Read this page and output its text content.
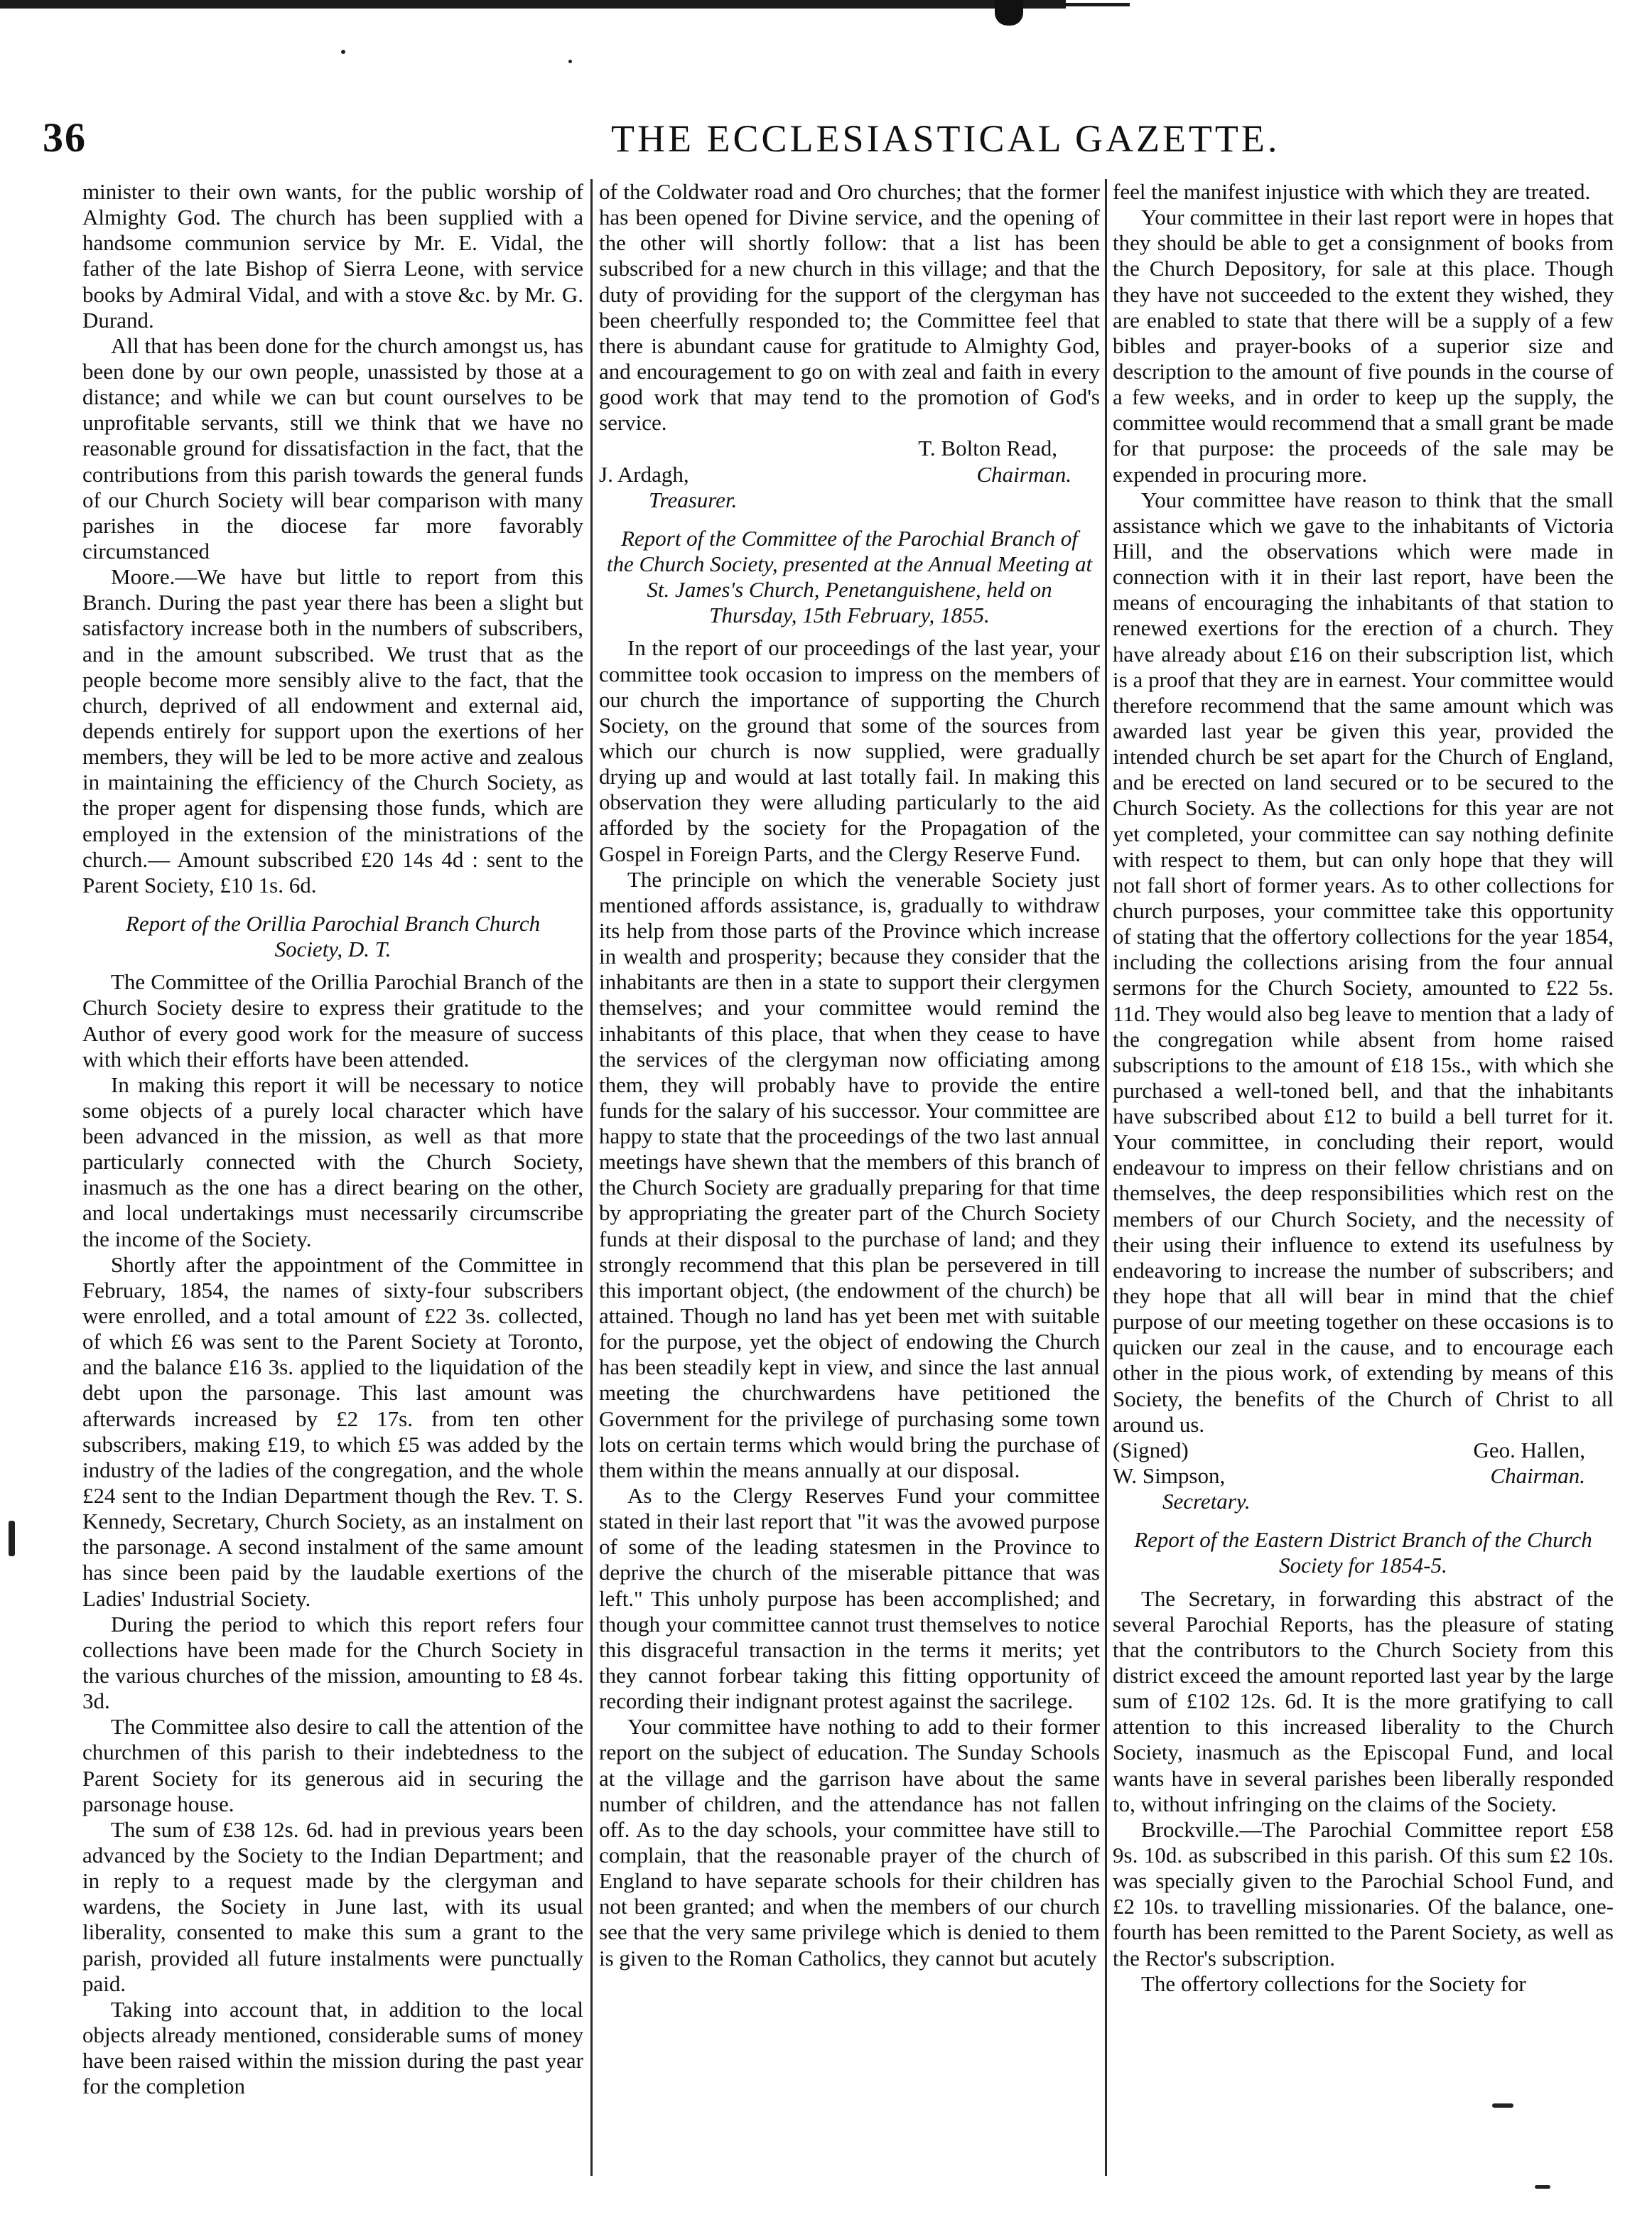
36	THE ECCLESIASTICAL GAZETTE.

minister to their own wants, for the public worship of Almighty God. The church has been supplied with a handsome communion service by Mr. E. Vidal, the father of the late Bishop of Sierra Leone, with service books by Admiral Vidal, and with a stove &c. by Mr. G. Durand.

All that has been done for the church amongst us, has been done by our own people, unassisted by those at a distance; and while we can but count ourselves to be unprofitable servants, still we think that we have no reasonable ground for dissatisfaction in the fact, that the contributions from this parish towards the general funds of our Church Society will bear comparison with many parishes in the diocese far more favorably circumstanced

Moore.—We have but little to report from this Branch. During the past year there has been a slight but satisfactory increase both in the numbers of subscribers, and in the amount subscribed. We trust that as the people become more sensibly alive to the fact, that the church, deprived of all endowment and external aid, depends entirely for support upon the exertions of her members, they will be led to be more active and zealous in maintaining the efficiency of the Church Society, as the proper agent for dispensing those funds, which are employed in the extension of the ministrations of the church.— Amount subscribed £20 14s 4d : sent to the Parent Society, £10 1s. 6d.

Report of the Orillia Parochial Branch Church Society, D. T.

The Committee of the Orillia Parochial Branch of the Church Society desire to express their gratitude to the Author of every good work for the measure of success with which their efforts have been attended.

In making this report it will be necessary to notice some objects of a purely local character which have been advanced in the mission, as well as that more particularly connected with the Church Society, inasmuch as the one has a direct bearing on the other, and local undertakings must necessarily circumscribe the income of the Society.

Shortly after the appointment of the Committee in February, 1854, the names of sixty-four subscribers were enrolled, and a total amount of £22 3s. collected, of which £6 was sent to the Parent Society at Toronto, and the balance £16 3s. applied to the liquidation of the debt upon the parsonage. This last amount was afterwards increased by £2 17s. from ten other subscribers, making £19, to which £5 was added by the industry of the ladies of the congregation, and the whole £24 sent to the Indian Department though the Rev. T. S. Kennedy, Secretary, Church Society, as an instalment on the parsonage. A second instalment of the same amount has since been paid by the laudable exertions of the Ladies' Industrial Society.

During the period to which this report refers four collections have been made for the Church Society in the various churches of the mission, amounting to £8 4s. 3d.

The Committee also desire to call the attention of the churchmen of this parish to their indebtedness to the Parent Society for its generous aid in securing the parsonage house.

The sum of £38 12s. 6d. had in previous years been advanced by the Society to the Indian Department; and in reply to a request made by the clergyman and wardens, the Society in June last, with its usual liberality, consented to make this sum a grant to the parish, provided all future instalments were punctually paid.

Taking into account that, in addition to the local objects already mentioned, considerable sums of money have been raised within the mission during the past year for the completion

of the Coldwater road and Oro churches; that the former has been opened for Divine service, and the opening of the other will shortly follow: that a list has been subscribed for a new church in this village; and that the duty of providing for the support of the clergyman has been cheerfully responded to; the Committee feel that there is abundant cause for gratitude to Almighty God, and encouragement to go on with zeal and faith in every good work that may tend to the promotion of God's service.

T. Bolton Read,
J. Ardagh,	Chairman.
Treasurer.

Report of the Committee of the Parochial Branch of the Church Society, presented at the Annual Meeting at St. James's Church, Penetanguishene, held on Thursday, 15th February, 1855.

In the report of our proceedings of the last year, your committee took occasion to impress on the members of our church the importance of supporting the Church Society, on the ground that some of the sources from which our church is now supplied, were gradually drying up and would at last totally fail. In making this observation they were alluding particularly to the aid afforded by the society for the Propagation of the Gospel in Foreign Parts, and the Clergy Reserve Fund.

The principle on which the venerable Society just mentioned affords assistance, is, gradually to withdraw its help from those parts of the Province which increase in wealth and prosperity; because they consider that the inhabitants are then in a state to support their clergymen themselves; and your committee would remind the inhabitants of this place, that when they cease to have the services of the clergyman now officiating among them, they will probably have to provide the entire funds for the salary of his successor. Your committee are happy to state that the proceedings of the two last annual meetings have shewn that the members of this branch of the Church Society are gradually preparing for that time by appropriating the greater part of the Church Society funds at their disposal to the purchase of land; and they strongly recommend that this plan be persevered in till this important object, (the endowment of the church) be attained. Though no land has yet been met with suitable for the purpose, yet the object of endowing the Church has been steadily kept in view, and since the last annual meeting the churchwardens have petitioned the Government for the privilege of purchasing some town lots on certain terms which would bring the purchase of them within the means annually at our disposal.

As to the Clergy Reserves Fund your committee stated in their last report that "it was the avowed purpose of some of the leading statesmen in the Province to deprive the church of the miserable pittance that was left." This unholy purpose has been accomplished; and though your committee cannot trust themselves to notice this disgraceful transaction in the terms it merits; yet they cannot forbear taking this fitting opportunity of recording their indignant protest against the sacrilege.

Your committee have nothing to add to their former report on the subject of education. The Sunday Schools at the village and the garrison have about the same number of children, and the attendance has not fallen off. As to the day schools, your committee have still to complain, that the reasonable prayer of the church of England to have separate schools for their children has not been granted; and when the members of our church see that the very same privilege which is denied to them is given to the Roman Catholics, they cannot but acutely

feel the manifest injustice with which they are treated.

Your committee in their last report were in hopes that they should be able to get a consignment of books from the Church Depository, for sale at this place. Though they have not succeeded to the extent they wished, they are enabled to state that there will be a supply of a few bibles and prayer-books of a superior size and description to the amount of five pounds in the course of a few weeks, and in order to keep up the supply, the committee would recommend that a small grant be made for that purpose: the proceeds of the sale may be expended in procuring more.

Your committee have reason to think that the small assistance which we gave to the inhabitants of Victoria Hill, and the observations which were made in connection with it in their last report, have been the means of encouraging the inhabitants of that station to renewed exertions for the erection of a church. They have already about £16 on their subscription list, which is a proof that they are in earnest. Your committee would therefore recommend that the same amount which was awarded last year be given this year, provided the intended church be set apart for the Church of England, and be erected on land secured or to be secured to the Church Society. As the collections for this year are not yet completed, your committee can say nothing definite with respect to them, but can only hope that they will not fall short of former years. As to other collections for church purposes, your committee take this opportunity of stating that the offertory collections for the year 1854, including the collections arising from the four annual sermons for the Church Society, amounted to £22 5s. 11d. They would also beg leave to mention that a lady of the congregation while absent from home raised subscriptions to the amount of £18 15s., with which she purchased a well-toned bell, and that the inhabitants have subscribed about £12 to build a bell turret for it. Your committee, in concluding their report, would endeavour to impress on their fellow christians and on themselves, the deep responsibilities which rest on the members of our Church Society, and the necessity of their using their influence to extend its usefulness by endeavoring to increase the number of subscribers; and they hope that all will bear in mind that the chief purpose of our meeting together on these occasions is to quicken our zeal in the cause, and to encourage each other in the pious work, of extending by means of this Society, the benefits of the Church of Christ to all around us.

(Signed)	Geo. Hallen,
W. Simpson,	Chairman.
Secretary.

Report of the Eastern District Branch of the Church Society for 1854-5.

The Secretary, in forwarding this abstract of the several Parochial Reports, has the pleasure of stating that the contributors to the Church Society from this district exceed the amount reported last year by the large sum of £102 12s. 6d. It is the more gratifying to call attention to this increased liberality to the Church Society, inasmuch as the Episcopal Fund, and local wants have in several parishes been liberally responded to, without infringing on the claims of the Society.

Brockville.—The Parochial Committee report £58 9s. 10d. as subscribed in this parish. Of this sum £2 10s. was specially given to the Parochial School Fund, and £2 10s. to travelling missionaries. Of the balance, one-fourth has been remitted to the Parent Society, as well as the Rector's subscription.

The offertory collections for the Society for
